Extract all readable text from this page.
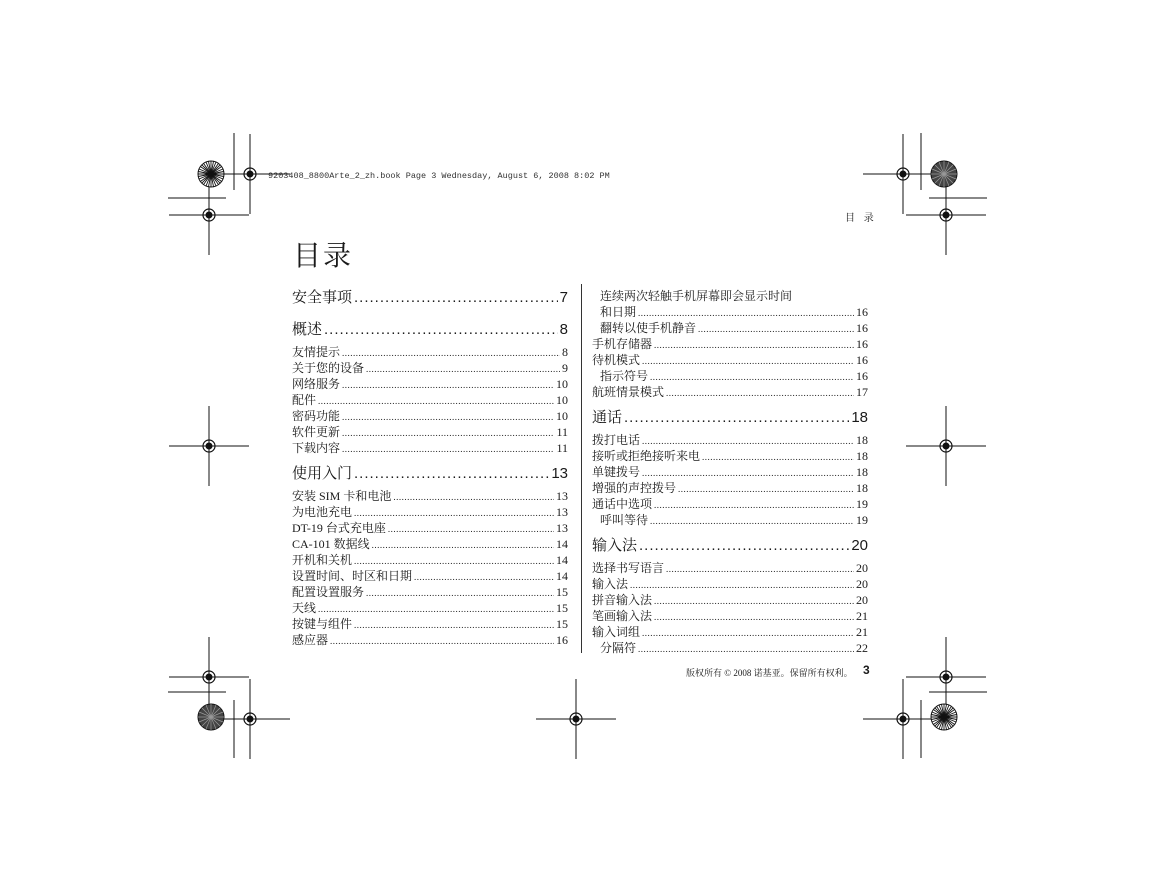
9203408_8800Arte_2_zh.book Page 3 Wednesday, August 6, 2008 8:02 PM
目 录
目录
安全事项 .....	7
概述 .....	8
友情提示 .....	8
关于您的设备 .....	9
网络服务 .....	10
配件 .....	10
密码功能 .....	10
软件更新 .....	11
下载内容 .....	11
使用入门 .....	13
安装 SIM 卡和电池 .....	13
为电池充电 .....	13
DT-19 台式充电座 .....	13
CA-101 数据线 .....	14
开机和关机 .....	14
设置时间、时区和日期 .....	14
配置设置服务 .....	15
天线 .....	15
按键与组件 .....	15
感应器 .....	16
连续两次轻触手机屏幕即会显示时间
和日期 .....	16
翻转以使手机静音 .....	16
手机存储器 .....	16
待机模式 .....	16
指示符号 .....	16
航班情景模式 .....	17
通话 .....	18
拨打电话 .....	18
接听或拒绝接听来电 .....	18
单键拨号 .....	18
增强的声控拨号 .....	18
通话中选项 .....	19
呼叫等待 .....	19
输入法 .....	20
选择书写语言 .....	20
输入法 .....	20
拼音输入法 .....	20
笔画输入法 .....	21
输入词组 .....	21
分隔符 .....	22
版权所有 © 2008 诺基亚。保留所有权利。 3
